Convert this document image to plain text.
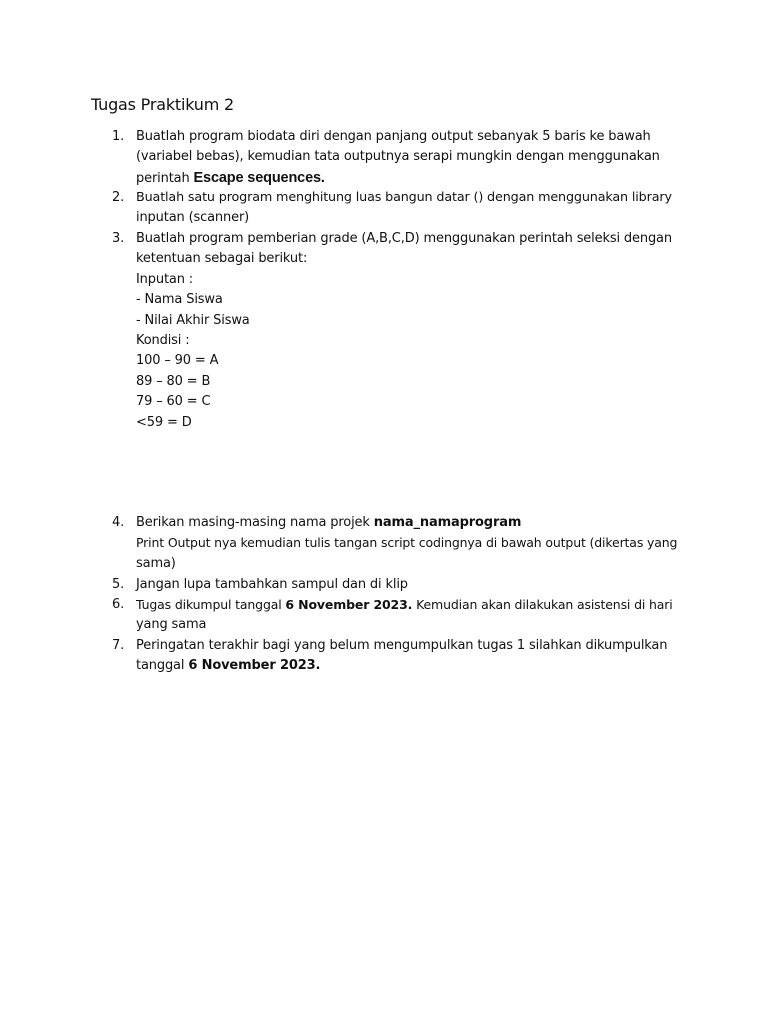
Tugas Praktikum 2
1. Buatlah program biodata diri dengan panjang output sebanyak 5 baris ke bawah
(variabel bebas), kemudian tata outputnya serapi mungkin dengan menggunakan
perintah Escape sequences.
2. Buatlah satu program menghitung luas bangun datar () dengan menggunakan library
inputan (scanner)
3. Buatlah program pemberian grade (A,B,C,D) menggunakan perintah seleksi dengan
ketentuan sebagai berikut:
Inputan :
- Nama Siswa
- Nilai Akhir Siswa
Kondisi :
100 – 90 = A
89 – 80 = B
79 – 60 = C
<59 = D
4. Berikan masing-masing nama projek nama_namaprogram
Print Output nya kemudian tulis tangan script codingnya di bawah output (dikertas yang
sama)
5. Jangan lupa tambahkan sampul dan di klip
6. Tugas dikumpul tanggal 6 November 2023. Kemudian akan dilakukan asistensi di hari
yang sama
7. Peringatan terakhir bagi yang belum mengumpulkan tugas 1 silahkan dikumpulkan
tanggal 6 November 2023.
